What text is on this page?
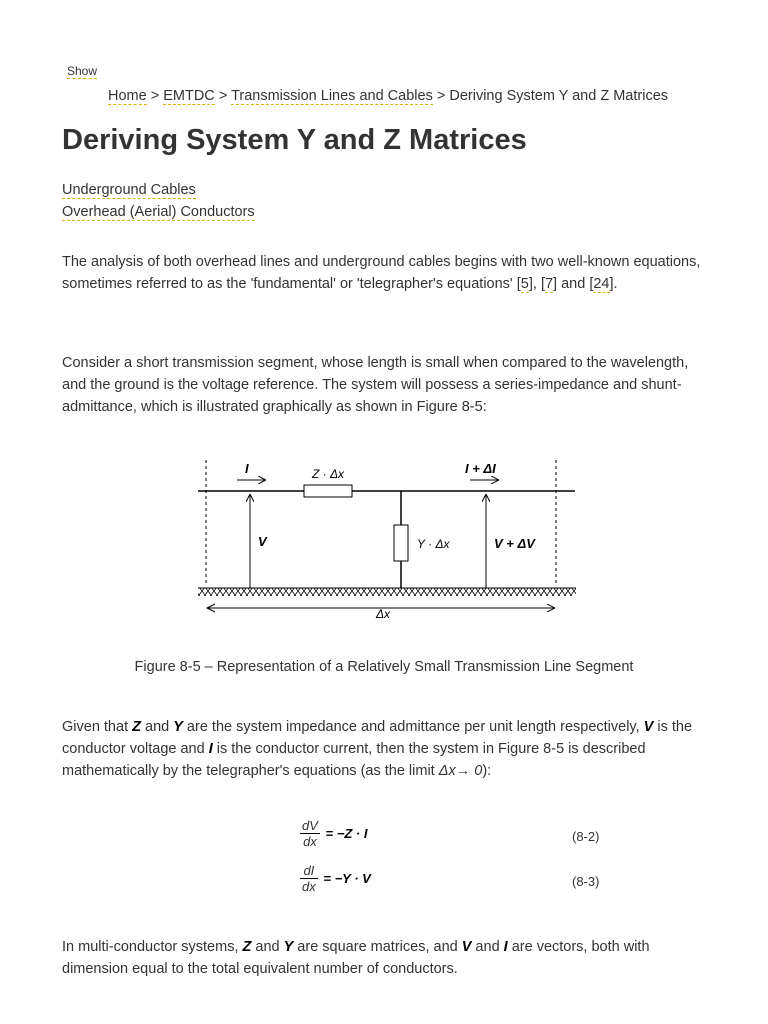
Show
Home > EMTDC > Transmission Lines and Cables > Deriving System Y and Z Matrices
Deriving System Y and Z Matrices
Underground Cables
Overhead (Aerial) Conductors

The analysis of both overhead lines and underground cables begins with two well-known equations, sometimes referred to as the 'fundamental' or 'telegrapher's equations' [5], [7] and [24].

Consider a short transmission segment, whose length is small when compared to the wavelength, and the ground is the voltage reference. The system will possess a series-impedance and shunt-admittance, which is illustrated graphically as shown in Figure 8-5:

I	I + ΔI
Z · Δx
Y · Δx
V	V + ΔV
Δx
Figure 8-5 – Representation of a Relatively Small Transmission Line Segment

Given that Z and Y are the system impedance and admittance per unit length respectively, V is the conductor voltage and I is the conductor current, then the system in Figure 8-5 is described mathematically by the telegrapher's equations (as the limit Δx→ 0):

$\frac{dV}{dx} = -Z \cdot I$	(8-2)
$\frac{dI}{dx} = -Y \cdot V$	(8-3)

In multi-conductor systems, Z and Y are square matrices, and V and I are vectors, both with dimension equal to the total equivalent number of conductors.
